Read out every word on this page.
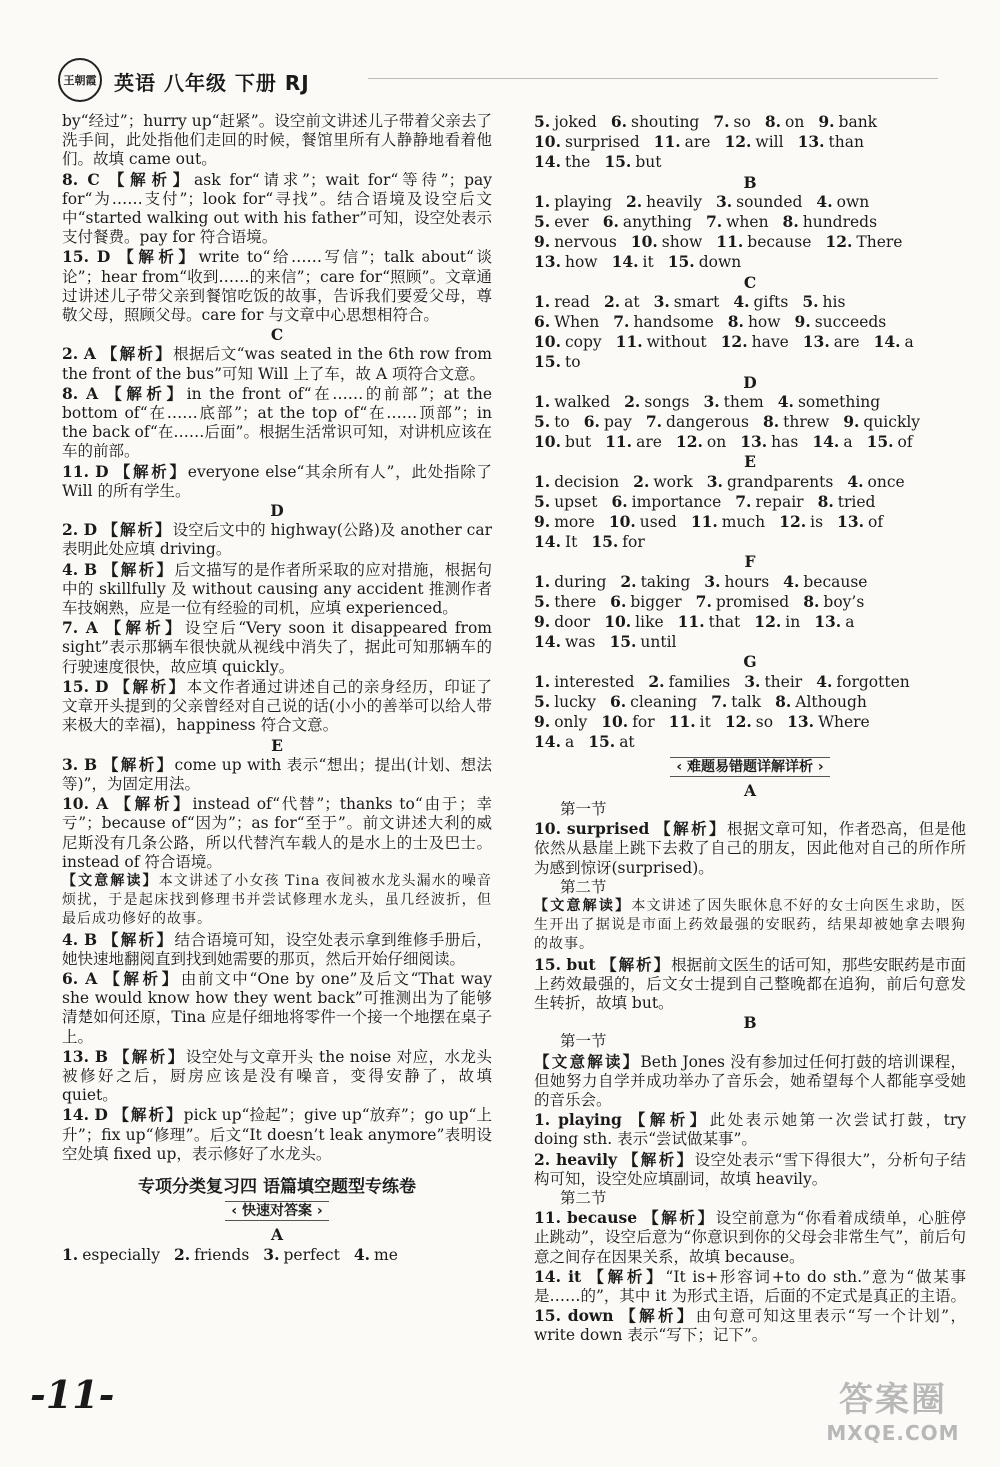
王朝霞 英语 八年级 下册 RJ

by“经过”；hurry up“赶紧”。设空前文讲述儿子带着父亲去了洗手间，此处指他们走回的时候，餐馆里所有人静静地看着他们。故填 came out。

8. C 【解析】ask for“请求”；wait for“等待”；pay for“为……支付”；look for“寻找”。结合语境及设空后文中“started walking out with his father”可知，设空处表示支付餐费。pay for 符合语境。

15. D 【解析】write to“给……写信”；talk about“谈论”；hear from“收到……的来信”；care for“照顾”。文章通过讲述儿子带父亲到餐馆吃饭的故事，告诉我们要爱父母，尊敬父母，照顾父母。care for 与文章中心思想相符合。

C

2. A 【解析】根据后文“was seated in the 6th row from the front of the bus”可知 Will 上了车，故 A 项符合文意。

8. A 【解析】in the front of“在……的前部”；at the bottom of“在……底部”；at the top of“在……顶部”；in the back of“在……后面”。根据生活常识可知，对讲机应该在车的前部。

11. D 【解析】everyone else“其余所有人”，此处指除了 Will 的所有学生。

D

2. D 【解析】设空后文中的 highway(公路)及 another car 表明此处应填 driving。

4. B 【解析】后文描写的是作者所采取的应对措施，根据句中的 skillfully 及 without causing any accident 推测作者车技娴熟，应是一位有经验的司机，应填 experienced。

7. A 【解析】设空后“Very soon it disappeared from sight”表示那辆车很快就从视线中消失了，据此可知那辆车的行驶速度很快，故应填 quickly。

15. D 【解析】本文作者通过讲述自己的亲身经历，印证了文章开头提到的父亲曾经对自己说的话(小小的善举可以给人带来极大的幸福)，happiness 符合文意。

E

3. B 【解析】come up with 表示“想出；提出(计划、想法等)”，为固定用法。

10. A 【解析】instead of“代替”；thanks to“由于；幸亏”；because of“因为”；as for“至于”。前文讲述大利的威尼斯没有几条公路，所以代替汽车载人的是水上的士及巴士。instead of 符合语境。

【文意解读】本文讲述了小女孩 Tina 夜间被水龙头漏水的噪音烦扰，于是起床找到修理书并尝试修理水龙头，虽几经波折，但最后成功修好的故事。

4. B 【解析】结合语境可知，设空处表示拿到维修手册后，她快速地翻阅直到找到她需要的那页，然后开始仔细阅读。

6. A 【解析】由前文中“One by one”及后文“That way she would know how they went back”可推测出为了能够清楚如何还原，Tina 应是仔细地将零件一个接一个地摆在桌子上。

13. B 【解析】设空处与文章开头 the noise 对应，水龙头被修好之后，厨房应该是没有噪音，变得安静了，故填 quiet。

14. D 【解析】pick up“捡起”；give up“放弃”；go up“上升”；fix up“修理”。后文“It doesn’t leak anymore”表明设空处填 fixed up，表示修好了水龙头。

专项分类复习四 语篇填空题型专练卷
‹ 快速对答案 ›

A

1. especially 2. friends 3. perfect 4. me
5. joked 6. shouting 7. so 8. on 9. bank
10. surprised 11. are 12. will 13. than
14. the 15. but

B

1. playing 2. heavily 3. sounded 4. own
5. ever 6. anything 7. when 8. hundreds
9. nervous 10. show 11. because 12. There
13. how 14. it 15. down

C

1. read 2. at 3. smart 4. gifts 5. his
6. When 7. handsome 8. how 9. succeeds
10. copy 11. without 12. have 13. are 14. a
15. to

D

1. walked 2. songs 3. them 4. something
5. to 6. pay 7. dangerous 8. threw 9. quickly
10. but 11. are 12. on 13. has 14. a 15. of

E

1. decision 2. work 3. grandparents 4. once
5. upset 6. importance 7. repair 8. tried
9. more 10. used 11. much 12. is 13. of
14. It 15. for

F

1. during 2. taking 3. hours 4. because
5. there 6. bigger 7. promised 8. boy’s
9. door 10. like 11. that 12. in 13. a
14. was 15. until

G

1. interested 2. families 3. their 4. forgotten
5. lucky 6. cleaning 7. talk 8. Although
9. only 10. for 11. it 12. so 13. Where
14. a 15. at
‹ 难题易错题详解详析 ›

A

第一节

10. surprised 【解析】根据文章可知，作者恐高，但是他依然从悬崖上跳下去救了自己的朋友，因此他对自己的所作所为感到惊讶(surprised)。

第二节

【文意解读】本文讲述了因失眠休息不好的女士向医生求助，医生开出了据说是市面上药效最强的安眠药，结果却被她拿去喂狗的故事。

15. but 【解析】根据前文医生的话可知，那些安眠药是市面上药效最强的，后文女士提到自己整晚都在追狗，前后句意发生转折，故填 but。

B

第一节

【文意解读】Beth Jones 没有参加过任何打鼓的培训课程，但她努力自学并成功举办了音乐会，她希望每个人都能享受她的音乐会。

1. playing 【解析】此处表示她第一次尝试打鼓，try doing sth. 表示“尝试做某事”。

2. heavily 【解析】设空处表示“雪下得很大”，分析句子结构可知，设空处应填副词，故填 heavily。

第二节

11. because 【解析】设空前意为“你看着成绩单，心脏停止跳动”，设空后意为“你意识到你的父母会非常生气”，前后句意之间存在因果关系，故填 because。

14. it 【解析】“It is+形容词+to do sth.”意为“做某事是……的”，其中 it 为形式主语，后面的不定式是真正的主语。

15. down 【解析】由句意可知这里表示“写一个计划”，write down 表示“写下；记下”。

-11-	答案圈
MXQE.COM
